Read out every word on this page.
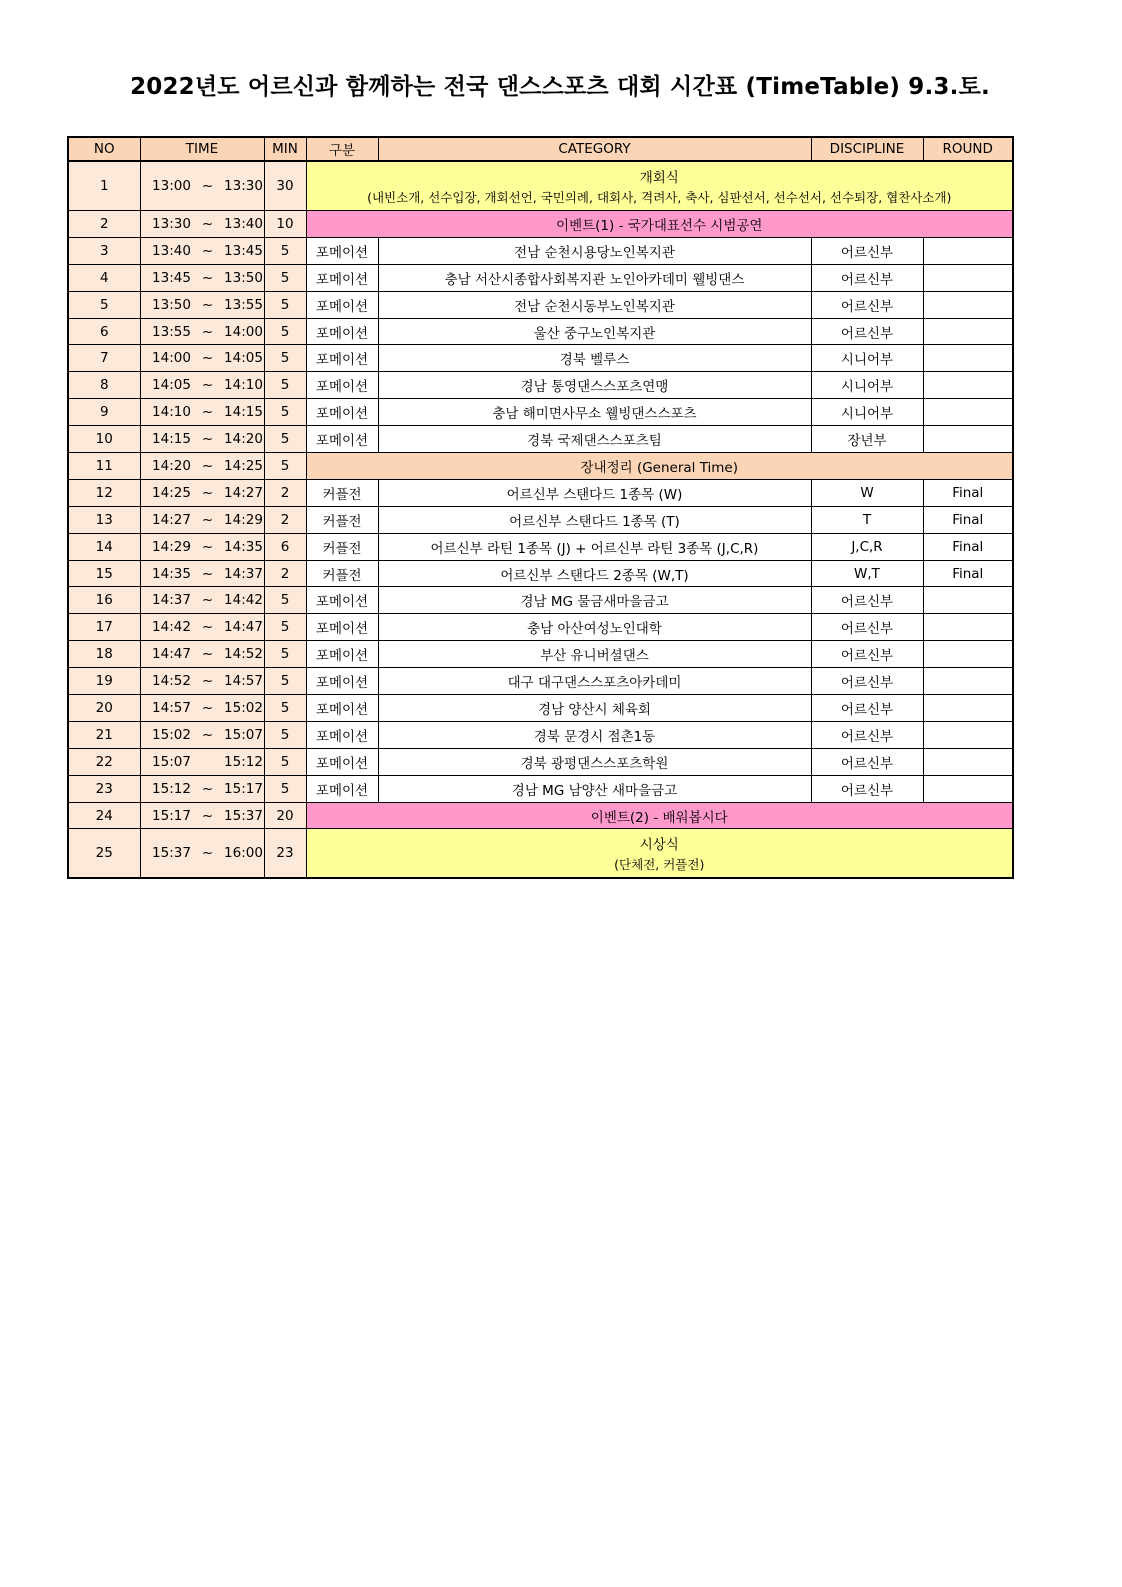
2022년도 어르신과 함께하는 전국 댄스스포츠 대회 시간표 (TimeTable) 9.3.토.
NO	TIME	MIN	구분	CATEGORY	DISCIPLINE	ROUND
1	13:00 ~ 13:30	30	개회식
(내빈소개, 선수입장, 개회선언, 국민의례, 대회사, 격려사, 축사, 심판선서, 선수선서, 선수퇴장, 협찬사소개)			

2	13:30 ~ 13:40	10	이벤트(1) - 국가대표선수 시범공연			

3	13:40 ~ 13:45	5	포메이션	전남 순천시용당노인복지관	어르신부	
4	13:45 ~ 13:50	5	포메이션	충남 서산시종합사회복지관 노인아카데미 웰빙댄스	어르신부	
5	13:50 ~ 13:55	5	포메이션	전남 순천시동부노인복지관	어르신부	
6	13:55 ~ 14:00	5	포메이션	울산 중구노인복지관	어르신부	
7	14:00 ~ 14:05	5	포메이션	경북 벨루스	시니어부	
8	14:05 ~ 14:10	5	포메이션	경남 통영댄스스포츠연맹	시니어부	
9	14:10 ~ 14:15	5	포메이션	충남 해미면사무소 웰빙댄스스포츠	시니어부	
10	14:15 ~ 14:20	5	포메이션	경북 국제댄스스포츠팀	장년부	
11	14:20 ~ 14:25	5	장내정리 (General Time)			

12	14:25 ~ 14:27	2	커플전	어르신부 스탠다드 1종목 (W)	W	Final
13	14:27 ~ 14:29	2	커플전	어르신부 스탠다드 1종목 (T)	T	Final
14	14:29 ~ 14:35	6	커플전	어르신부 라틴 1종목 (J) + 어르신부 라틴 3종목 (J,C,R)	J,C,R	Final
15	14:35 ~ 14:37	2	커플전	어르신부 스탠다드 2종목 (W,T)	W,T	Final
16	14:37 ~ 14:42	5	포메이션	경남 MG 물금새마을금고	어르신부	
17	14:42 ~ 14:47	5	포메이션	충남 아산여성노인대학	어르신부	
18	14:47 ~ 14:52	5	포메이션	부산 유니버셜댄스	어르신부	
19	14:52 ~ 14:57	5	포메이션	대구 대구댄스스포츠아카데미	어르신부	
20	14:57 ~ 15:02	5	포메이션	경남 양산시 체육회	어르신부	
21	15:02 ~ 15:07	5	포메이션	경북 문경시 점촌1동	어르신부	
22	15:07 15:12	5	포메이션	경북 광평댄스스포츠학원	어르신부	
23	15:12 ~ 15:17	5	포메이션	경남 MG 남양산 새마을금고	어르신부	
24	15:17 ~ 15:37	20	이벤트(2) - 배워봅시다			

25	15:37 ~ 16:00	23	시상식
(단체전, 커플전)			
